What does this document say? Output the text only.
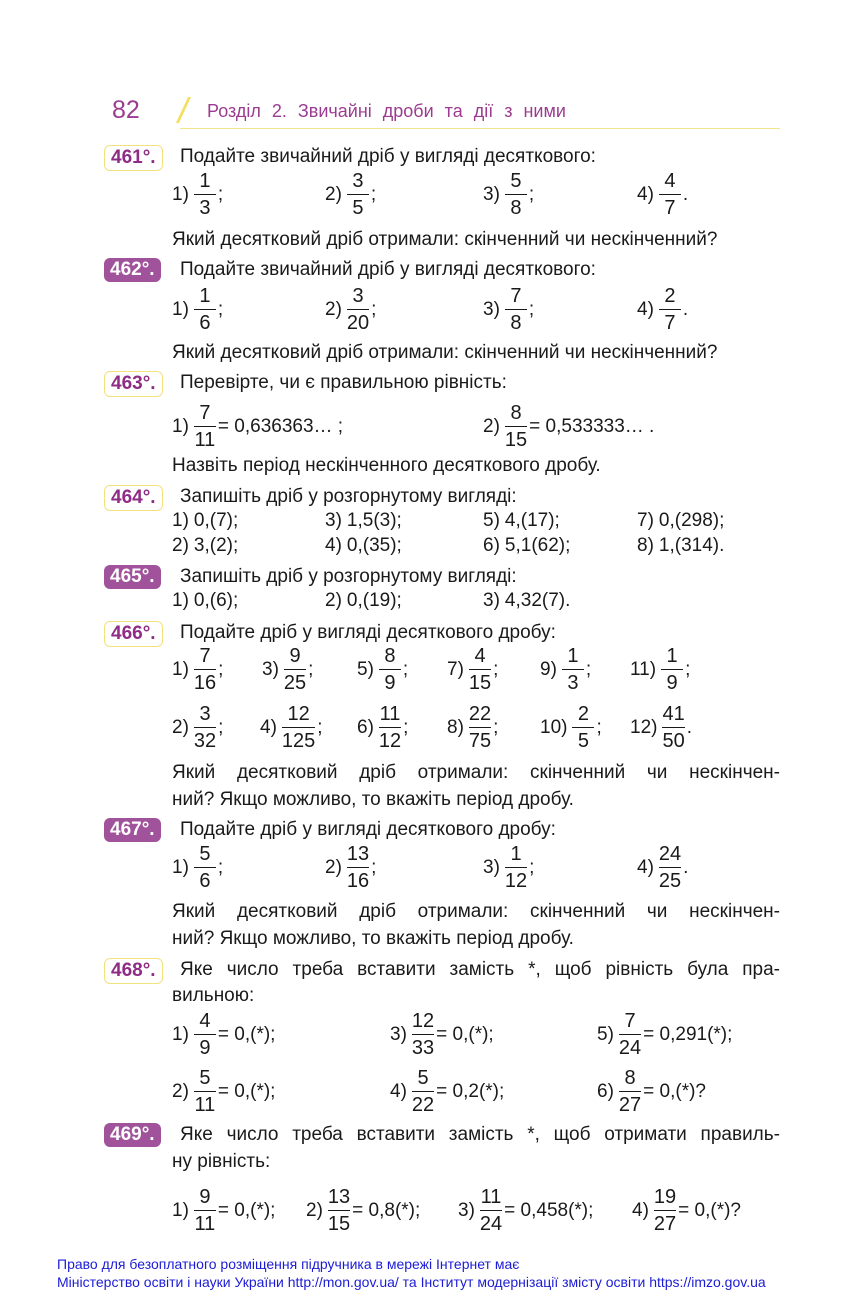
82	Розділ 2. Звичайні дроби та дії з ними
461°.	Подайте звичайний дріб у вигляді десяткового:
$1) \frac{1}{3}$ ;	$2) \frac{3}{5}$ ;	$3) \frac{5}{8}$ ;	$4) \frac{4}{7}$ .
Який десятковий дріб отримали: скінченний чи нескінченний?
462°.	Подайте звичайний дріб у вигляді десяткового:
$1) \frac{1}{6}$ ;	$2) \frac{3}{20}$ ;	$3) \frac{7}{8}$ ;	$4) \frac{2}{7}$ .
Який десятковий дріб отримали: скінченний чи нескінченний?
463°.	Перевірте, чи є правильною рівність:
$1) \frac{7}{11}$ = 0,636363… ;	$2) \frac{8}{15}$ = 0,533333… .
Назвіть період нескінченного десяткового дробу.
464°.	Запишіть дріб у розгорнутому вигляді:
1) 0,(7);	3) 1,5(3);	5) 4,(17);	7) 0,(298);
2) 3,(2);	4) 0,(35);	6) 5,1(62);	8) 1,(314).
465°.	Запишіть дріб у розгорнутому вигляді:
1) 0,(6);	2) 0,(19);	3) 4,32(7).
466°.	Подайте дріб у вигляді десяткового дробу:
$1) \frac{7}{16}$ ; $3) \frac{9}{25}$ ; $5) \frac{8}{9}$ ; $7) \frac{4}{15}$ ; $9) \frac{1}{3}$ ; $11) \frac{1}{9}$ ;
$2) \frac{3}{32}$ ; $4) \frac{12}{125}$ ; $6) \frac{11}{12}$ ; $8) \frac{22}{75}$ ; $10) \frac{2}{5}$ ; $12) \frac{41}{50}$ .
Який десятковий дріб отримали: скінченний чи нескінчен-
ний? Якщо можливо, то вкажіть період дробу.
467°.	Подайте дріб у вигляді десяткового дробу:
$1) \frac{5}{6}$ ;	$2) \frac{13}{16}$ ;	$3) \frac{1}{12}$ ;	$4) \frac{24}{25}$ .
Який десятковий дріб отримали: скінченний чи нескінчен-
ний? Якщо можливо, то вкажіть період дробу.
468°.	Яке число треба вставити замість *, щоб рівність була пра-
вильною:
$1) \frac{4}{9} = 0,(*)$;	$3) \frac{12}{33} = 0,(*)$;	$5) \frac{7}{24} = 0,291(*)$;
$2) \frac{5}{11} = 0,(*)$;	$4) \frac{5}{22} = 0,2(*)$;	$6) \frac{8}{27} = 0,(*)$?
469°.	Яке число треба вставити замість *, щоб отримати правиль-
ну рівність:
$1) \frac{9}{11} = 0,(*)$; $2) \frac{13}{15} = 0,8(*)$; $3) \frac{11}{24} = 0,458(*)$; $4) \frac{19}{27} = 0,(*)$?
Право для безоплатного розміщення підручника в мережі Інтернет має
Міністерство освіти і науки України http://mon.gov.ua/ та Інститут модернізації змісту освіти https://imzo.gov.ua
